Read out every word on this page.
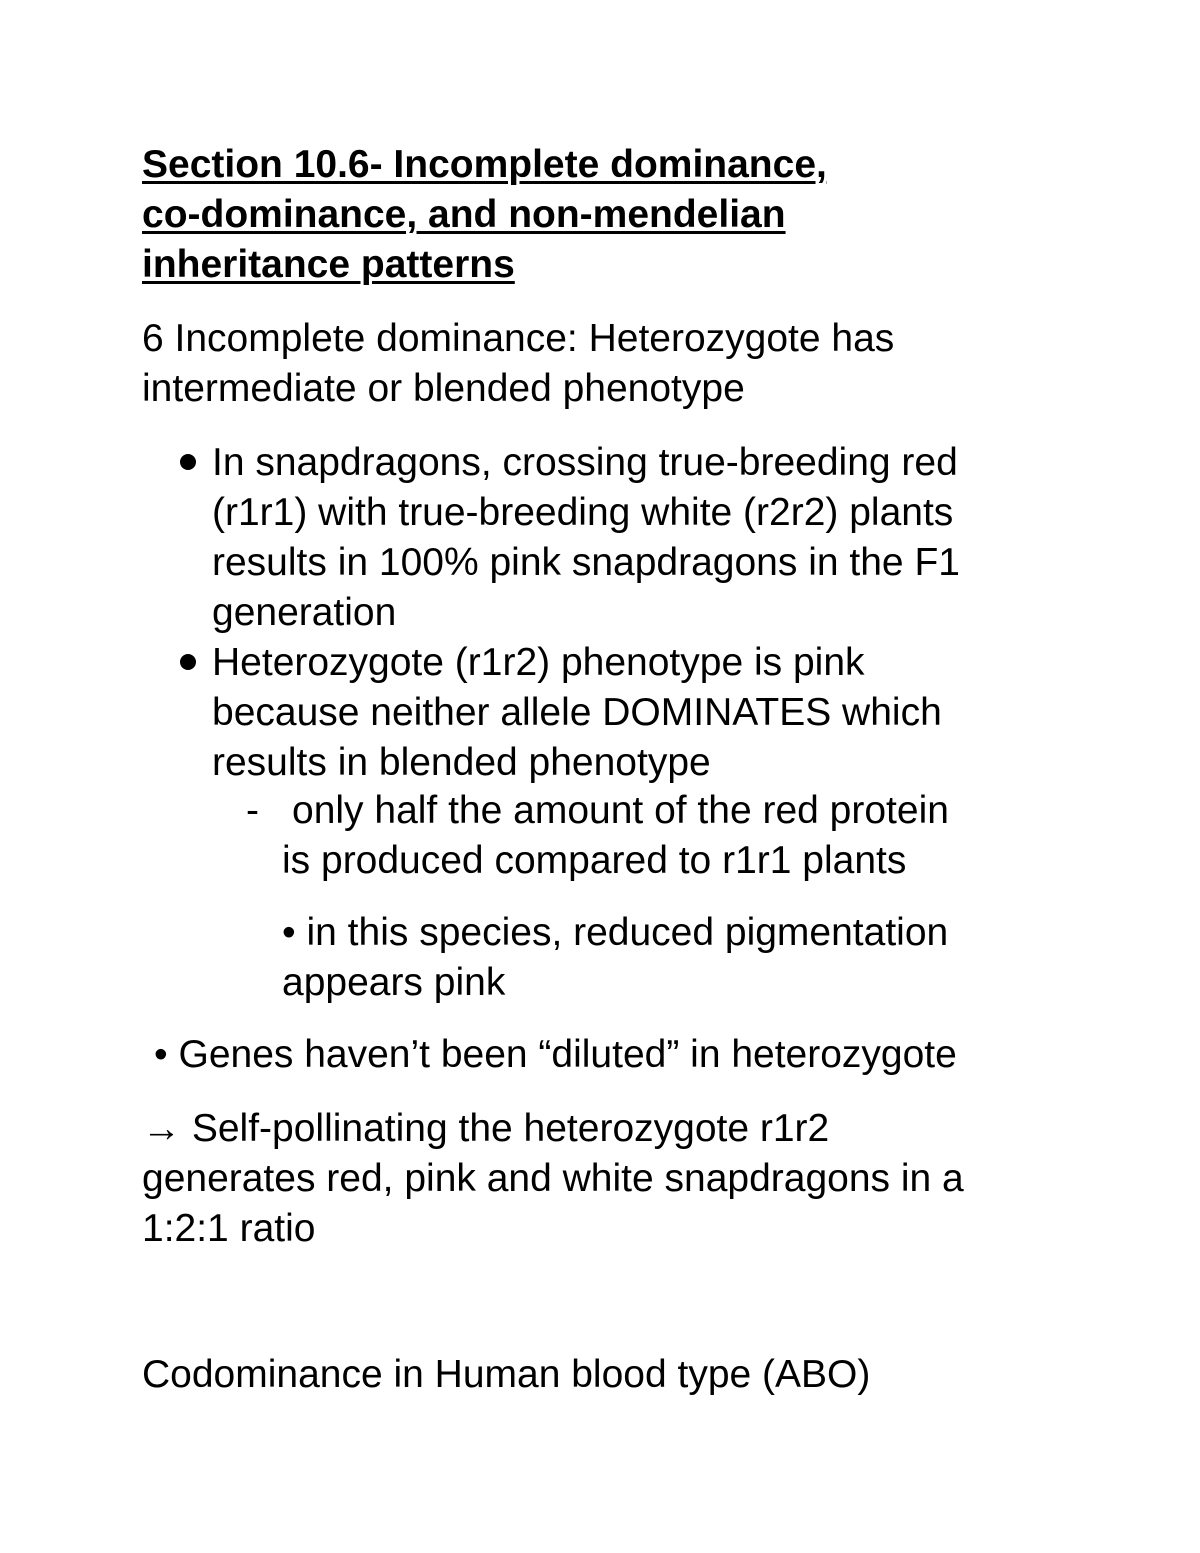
Section 10.6- Incomplete dominance,
co-dominance, and non-mendelian
inheritance patterns

6 Incomplete dominance: Heterozygote has
intermediate or blended phenotype

In snapdragons, crossing true-breeding red
(r1r1) with true-breeding white (r2r2) plants
results in 100% pink snapdragons in the F1
generation
Heterozygote (r1r2) phenotype is pink
because neither allele DOMINATES which
results in blended phenotype
- only half the amount of the red protein
is produced compared to r1r1 plants
• in this species, reduced pigmentation
appears pink
• Genes haven’t been “diluted” in heterozygote
→ Self-pollinating the heterozygote r1r2
generates red, pink and white snapdragons in a
1:2:1 ratio
Codominance in Human blood type (ABO)
